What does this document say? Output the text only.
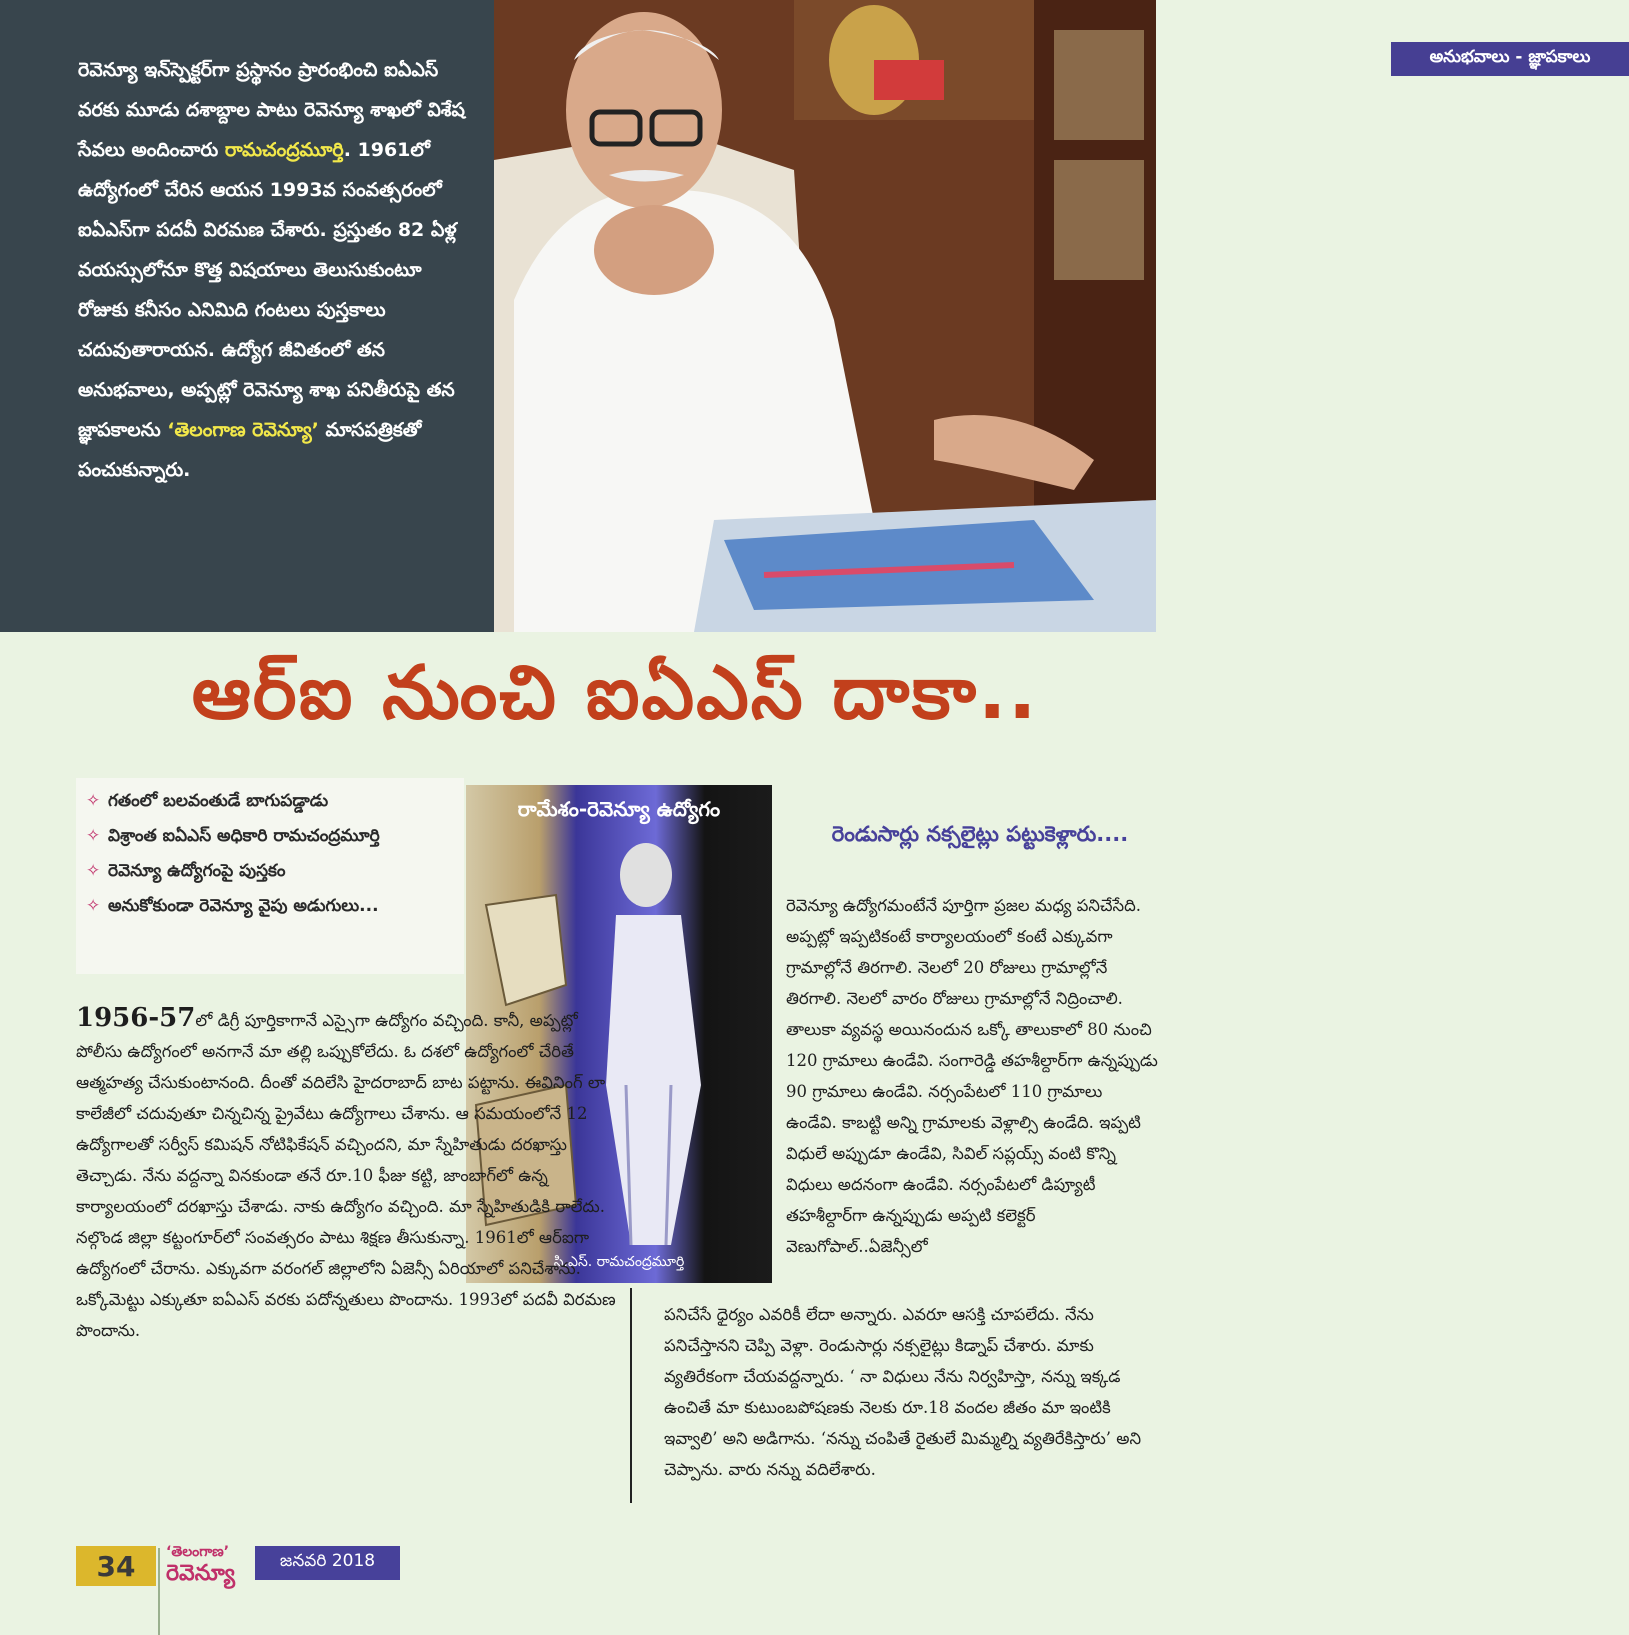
రెవెన్యూ ఇన్‌స్పెక్టర్‌గా ప్రస్థానం ప్రారంభించి ఐఏఎస్ వరకు మూడు దశాబ్దాల పాటు రెవెన్యూ శాఖలో విశేష సేవలు అందించారు రామచంద్రమూర్తి. 1961లో ఉద్యోగంలో చేరిన ఆయన 1993వ సంవత్సరంలో ఐఏఎస్‌గా పదవీ విరమణ చేశారు. ప్రస్తుతం 82 ఏళ్ల వయస్సులోనూ కొత్త విషయాలు తెలుసుకుంటూ రోజుకు కనీసం ఎనిమిది గంటలు పుస్తకాలు చదువుతారాయన. ఉద్యోగ జీవితంలో తన అనుభవాలు, అప్పట్లో రెవెన్యూ శాఖ పనితీరుపై తన జ్ఞాపకాలను ‘తెలంగాణ రెవెన్యూ’ మాసపత్రికతో పంచుకున్నారు.
అనుభవాలు - జ్ఞాపకాలు
ఆర్‌ఐ నుంచి ఐఏఎస్ దాకా..
✧ గతంలో బలవంతుడే బాగుపడ్డాడు
✧ విశ్రాంత ఐఏఎస్ అధికారి రామచంద్రమూర్తి
✧ రెవెన్యూ ఉద్యోగంపై పుస్తకం
✧ అనుకోకుండా రెవెన్యూ వైపు అడుగులు...
రామేశం-రెవెన్యూ ఉద్యోగం
సి.ఎస్. రామచంద్రమూర్తి
1956-57లో డిగ్రీ పూర్తికాగానే ఎస్సైగా ఉద్యోగం వచ్చింది. కానీ, అప్పట్లో పోలీసు ఉద్యోగంలో అనగానే మా తల్లి ఒప్పుకోలేదు. ఓ దశలో ఉద్యోగంలో చేరితే ఆత్మహత్య చేసుకుంటానంది. దీంతో వదిలేసి హైదరాబాద్ బాట పట్టాను. ఈవినింగ్ లా కాలేజీలో చదువుతూ చిన్నచిన్న ప్రైవేటు ఉద్యోగాలు చేశాను. ఆ సమయంలోనే 12 ఉద్యోగాలతో సర్వీస్ కమిషన్ నోటిఫికేషన్ వచ్చిందని, మా స్నేహితుడు దరఖాస్తు తెచ్చాడు. నేను వద్దన్నా వినకుండా తనే రూ.10 ఫీజు కట్టి, జాంబాగ్‌లో ఉన్న కార్యాలయంలో దరఖాస్తు చేశాడు. నాకు ఉద్యోగం వచ్చింది. మా స్నేహితుడికి రాలేదు. నల్గొండ జిల్లా కట్టంగూర్‌లో సంవత్సరం పాటు శిక్షణ తీసుకున్నా. 1961లో ఆర్‌ఐగా ఉద్యోగంలో చేరాను. ఎక్కువగా వరంగల్ జిల్లాలోని ఏజెన్సీ ఏరియాలో పనిచేశాను. ఒక్కోమెట్టు ఎక్కుతూ ఐఏఎస్ వరకు పదోన్నతులు పొందాను. 1993లో పదవీ విరమణ పొందాను.
రెండుసార్లు నక్సలైట్లు పట్టుకెళ్లారు....
రెవెన్యూ ఉద్యోగమంటేనే పూర్తిగా ప్రజల మధ్య పనిచేసేది. అప్పట్లో ఇప్పటికంటే కార్యాలయంలో కంటే ఎక్కువగా గ్రామాల్లోనే తిరగాలి. నెలలో 20 రోజులు గ్రామాల్లోనే తిరగాలి. నెలలో వారం రోజులు గ్రామాల్లోనే నిద్రించాలి. తాలుకా వ్యవస్థ అయినందున ఒక్కో తాలుకాలో 80 నుంచి 120 గ్రామాలు ఉండేవి. సంగారెడ్డి తహశీల్దార్‌గా ఉన్నప్పుడు 90 గ్రామాలు ఉండేవి. నర్సంపేటలో 110 గ్రామాలు ఉండేవి. కాబట్టి అన్ని గ్రామాలకు వెళ్లాల్సి ఉండేది. ఇప్పటి విధులే అప్పుడూ ఉండేవి, సివిల్ సప్లయ్స్ వంటి కొన్ని విధులు అదనంగా ఉండేవి. నర్సంపేటలో డిప్యూటీ తహశీల్దార్‌గా ఉన్నప్పుడు అప్పటి కలెక్టర్ వెణుగోపాల్..ఏజెన్సీలో
పనిచేసే ధైర్యం ఎవరికీ లేదా అన్నారు. ఎవరూ ఆసక్తి చూపలేదు. నేను పనిచేస్తానని చెప్పి వెళ్లా. రెండుసార్లు నక్సలైట్లు కిడ్నాప్ చేశారు. మాకు వ్యతిరేకంగా చేయవద్దన్నారు. ‘ నా విధులు నేను నిర్వహిస్తా, నన్ను ఇక్కడ ఉంచితే మా కుటుంబపోషణకు నెలకు రూ.18 వందల జీతం మా ఇంటికి ఇవ్వాలి’ అని అడిగాను. ‘నన్ను చంపితే రైతులే మిమ్మల్ని వ్యతిరేకిస్తారు’ అని చెప్పాను. వారు నన్ను వదిలేశారు.
34	‘తెలంగాణ’
రెవెన్యూ	జనవరి 2018
